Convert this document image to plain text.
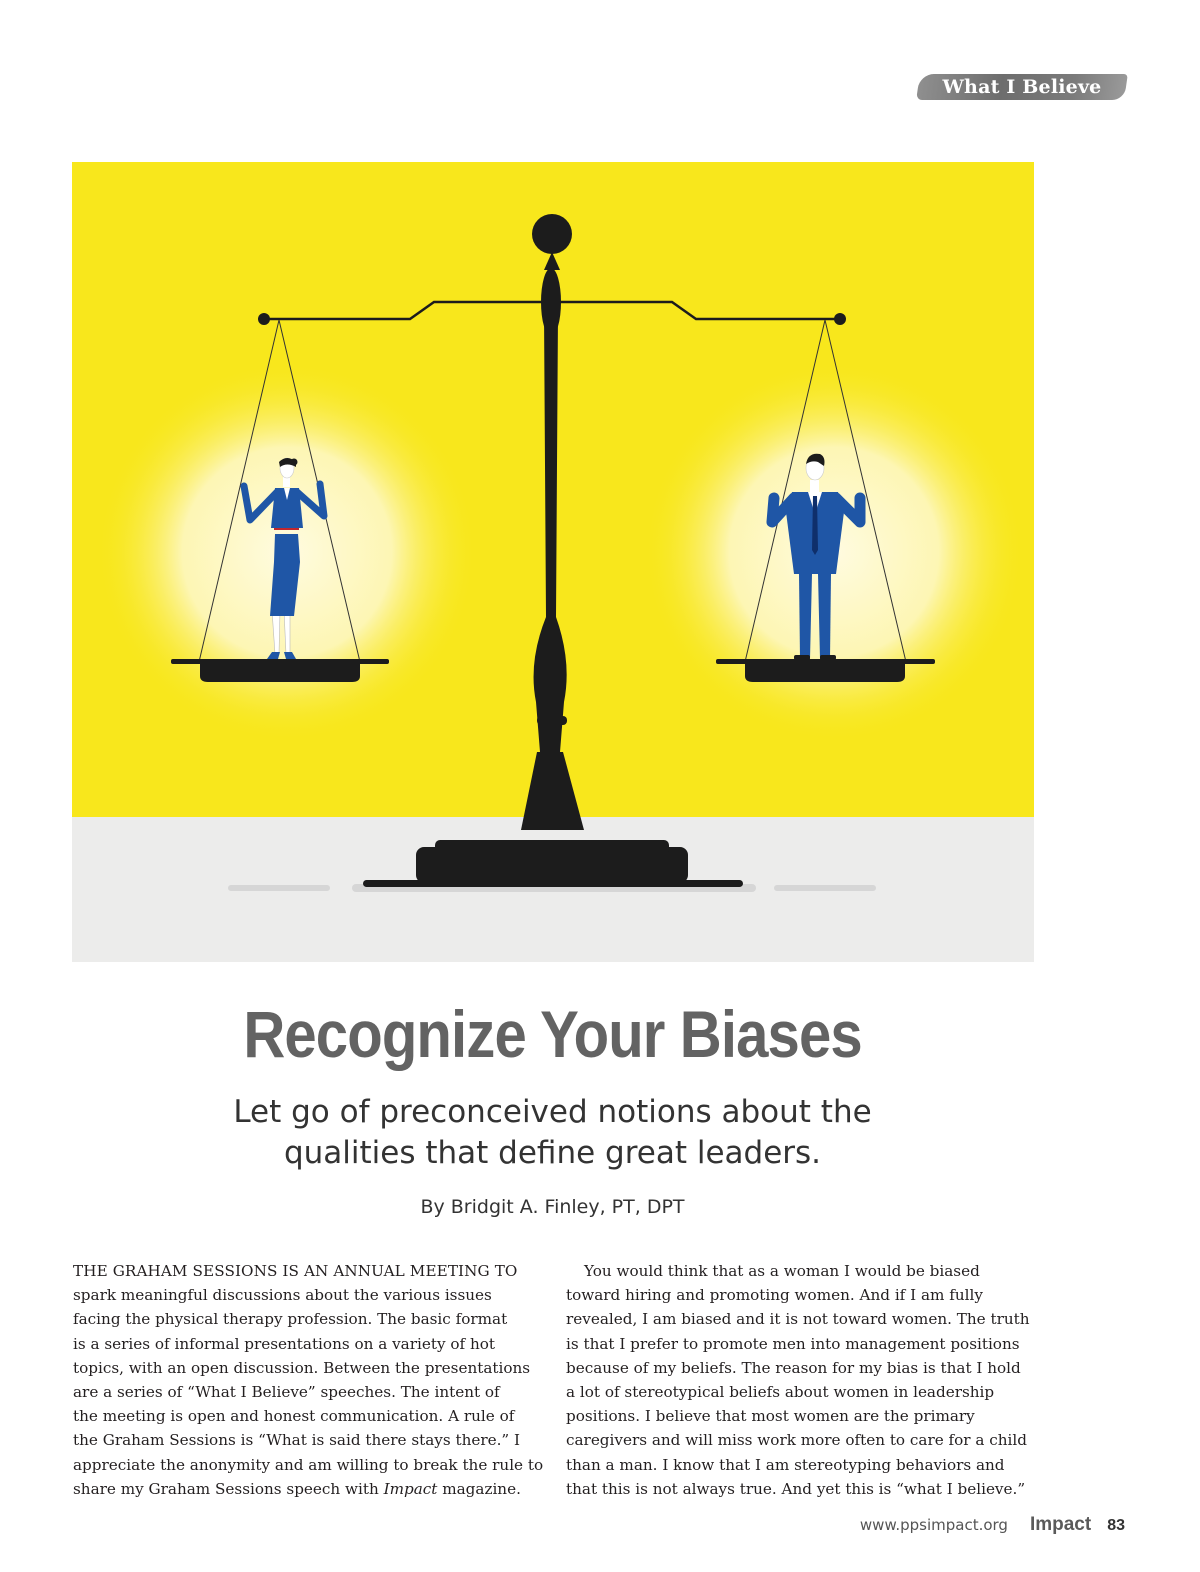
What I Believe
Recognize Your Biases
Let go of preconceived notions about the qualities that define great leaders.
By Bridgit A. Finley, PT, DPT
THE GRAHAM SESSIONS IS AN ANNUAL MEETING TO
spark meaningful discussions about the various issues
facing the physical therapy profession. The basic format
is a series of informal presentations on a variety of hot
topics, with an open discussion. Between the presentations
are a series of “What I Believe” speeches. The intent of
the meeting is open and honest communication. A rule of
the Graham Sessions is “What is said there stays there.” I
appreciate the anonymity and am willing to break the rule to
share my Graham Sessions speech with Impact magazine.
You would think that as a woman I would be biased
toward hiring and promoting women. And if I am fully
revealed, I am biased and it is not toward women. The truth
is that I prefer to promote men into management positions
because of my beliefs. The reason for my bias is that I hold
a lot of stereotypical beliefs about women in leadership
positions. I believe that most women are the primary
caregivers and will miss work more often to care for a child
than a man. I know that I am stereotyping behaviors and
that this is not always true. And yet this is “what I believe.”
www.ppsimpact.org Impact 83
